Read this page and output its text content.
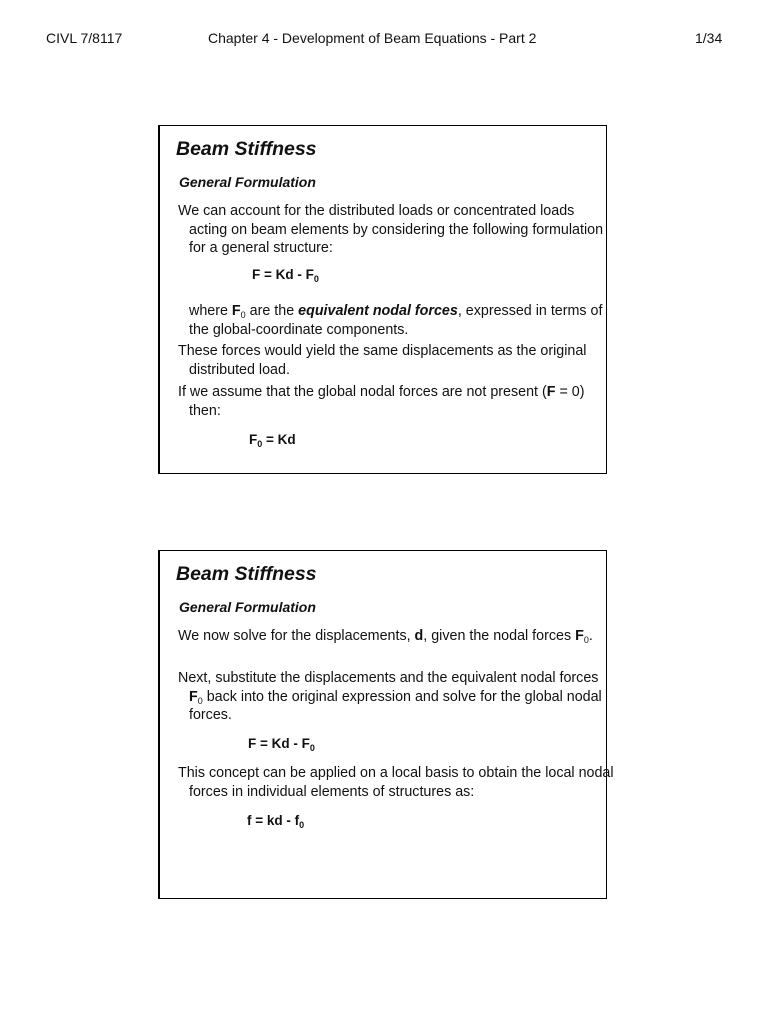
CIVL 7/8117	Chapter 4 - Development of Beam Equations - Part 2	1/34
Beam Stiffness
General Formulation
We can account for the distributed loads or concentrated loads acting on beam elements by considering the following formulation for a general structure:
$F = Kd - F_0$
where $F_0$ are the equivalent nodal forces, expressed in terms of the global-coordinate components.
These forces would yield the same displacements as the original distributed load.
If we assume that the global nodal forces are not present (F = 0) then:
$F_0 = Kd$
Beam Stiffness
General Formulation
We now solve for the displacements, d, given the nodal forces $F_0$.
Next, substitute the displacements and the equivalent nodal forces $F_0$ back into the original expression and solve for the global nodal forces.
$F = Kd - F_0$
This concept can be applied on a local basis to obtain the local nodal forces in individual elements of structures as:
f = kd - $f_0$
